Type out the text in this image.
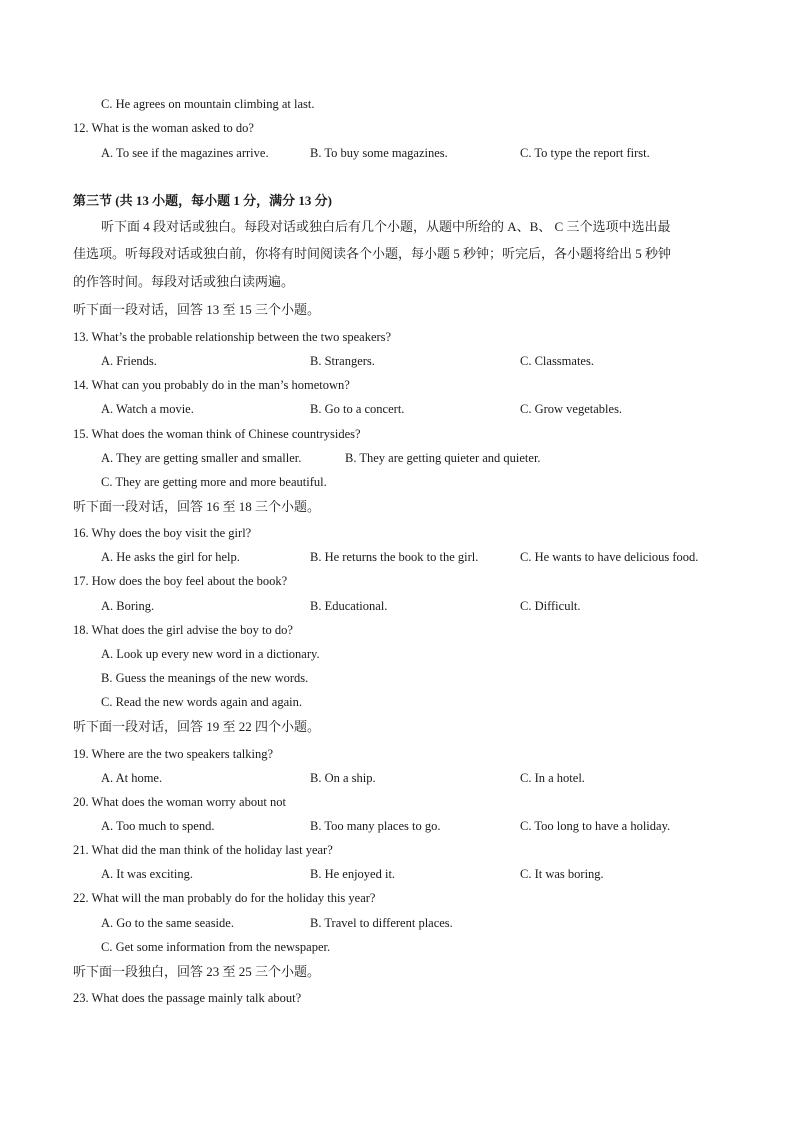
C. He agrees on mountain climbing at last.
12. What is the woman asked to do?
A. To see if the magazines arrive.	B. To buy some magazines.	C. To type the report first.
第三节 (共 13 小题，每小题 1 分，满分 13 分)
听下面 4 段对话或独白。每段对话或独白后有几个小题，从题中所给的 A、B、 C 三个选项中选出最
佳选项。听每段对话或独白前，你将有时间阅读各个小题，每小题 5 秒钟；听完后，各小题将给出 5 秒钟
的作答时间。每段对话或独白读两遍。
听下面一段对话，回答 13 至 15 三个小题。
13. What’s the probable relationship between the two speakers?
A. Friends.	B. Strangers.	C. Classmates.
14. What can you probably do in the man’s hometown?
A. Watch a movie.	B. Go to a concert.	C. Grow vegetables.
15. What does the woman think of Chinese countrysides?
A. They are getting smaller and smaller.	B. They are getting quieter and quieter.
C. They are getting more and more beautiful.
听下面一段对话，回答 16 至 18 三个小题。
16. Why does the boy visit the girl?
A. He asks the girl for help.	B. He returns the book to the girl.	C. He wants to have delicious food.
17. How does the boy feel about the book?
A. Boring.	B. Educational.	C. Difficult.
18. What does the girl advise the boy to do?
A. Look up every new word in a dictionary.
B. Guess the meanings of the new words.
C. Read the new words again and again.
听下面一段对话，回答 19 至 22 四个小题。
19. Where are the two speakers talking?
A. At home.	B. On a ship.	C. In a hotel.
20. What does the woman worry about not
A. Too much to spend.	B. Too many places to go.	C. Too long to have a holiday.
21. What did the man think of the holiday last year?
A. It was exciting.	B. He enjoyed it.	C. It was boring.
22. What will the man probably do for the holiday this year?
A. Go to the same seaside.	B. Travel to different places.
C. Get some information from the newspaper.
听下面一段独白，回答 23 至 25 三个小题。
23. What does the passage mainly talk about?
